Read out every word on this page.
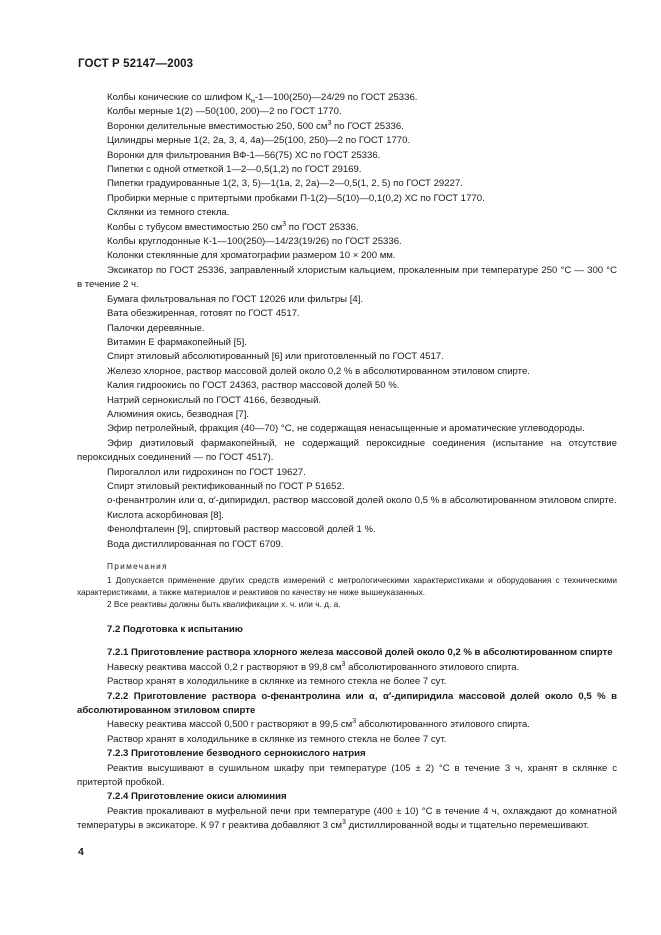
ГОСТ Р 52147—2003

Колбы конические со шлифом $К_н-1—100(250)—24/29$ по ГОСТ 25336.

Колбы мерные 1(2) —50(100, 200)—2 по ГОСТ 1770.

Воронки делительные вместимостью 250, 500 $см^3$ по ГОСТ 25336.

Цилиндры мерные 1(2, 2а, 3, 4, 4а)—25(100, 250)—2 по ГОСТ 1770.

Воронки для фильтрования ВФ-1—56(75) ХС по ГОСТ 25336.

Пипетки с одной отметкой 1—2—0,5(1,2) по ГОСТ 29169.

Пипетки градуированные 1(2, 3, 5)—1(1а, 2, 2а)—2—0,5(1, 2, 5) по ГОСТ 29227.

Пробирки мерные с притертыми пробками П-1(2)—5(10)—0,1(0,2) ХС по ГОСТ 1770.

Склянки из темного стекла.

Колбы с тубусом вместимостью 250 $см^3$ по ГОСТ 25336.

Колбы круглодонные К-1—100(250)—14/23(19/26) по ГОСТ 25336.

Колонки стеклянные для хроматографии размером 10 × 200 мм.

Эксикатор по ГОСТ 25336, заправленный хлористым кальцием, прокаленным при температуре 250 °С — 300 °С в течение 2 ч.

Бумага фильтровальная по ГОСТ 12026 или фильтры [4].

Вата обезжиренная, готовят по ГОСТ 4517.

Палочки деревянные.

Витамин Е фармакопейный [5].

Спирт этиловый абсолютированный [6] или приготовленный по ГОСТ 4517.

Железо хлорное, раствор массовой долей около 0,2 % в абсолютированном этиловом спирте.

Калия гидроокись по ГОСТ 24363, раствор массовой долей 50 %.

Натрий сернокислый по ГОСТ 4166, безводный.

Алюминия окись, безводная [7].

Эфир петролейный, фракция (40—70) °С, не содержащая ненасыщенные и ароматические углеводороды.

Эфир диэтиловый фармакопейный, не содержащий пероксидные соединения (испытание на отсутствие пероксидных соединений — по ГОСТ 4517).

Пирогаллол или гидрохинон по ГОСТ 19627.

Спирт этиловый ректификованный по ГОСТ Р 51652.

о-фенантролин или α, α′-дипиридил, раствор массовой долей около 0,5 % в абсолютированном этиловом спирте.

Кислота аскорбиновая [8].

Фенолфталеин [9], спиртовый раствор массовой долей 1 %.

Вода дистиллированная по ГОСТ 6709.

Примечания

1 Допускается применение других средств измерений с метрологическими характеристиками и оборудования с техническими характеристиками, а также материалов и реактивов по качеству не ниже вышеуказанных.

2 Все реактивы должны быть квалификации х. ч. или ч. д. а.

7.2 Подготовка к испытанию

7.2.1 Приготовление раствора хлорного железа массовой долей около 0,2 % в абсолютированном спирте

Навеску реактива массой 0,2 г растворяют в 99,8 $см^3$ абсолютированного этилового спирта.

Раствор хранят в холодильнике в склянке из темного стекла не более 7 сут.

7.2.2 Приготовление раствора о-фенантролина или α, α′-дипиридила массовой долей около 0,5 % в абсолютированном этиловом спирте

Навеску реактива массой 0,500 г растворяют в 99,5 $см^3$ абсолютированного этилового спирта.

Раствор хранят в холодильнике в склянке из темного стекла не более 7 сут.

7.2.3 Приготовление безводного сернокислого натрия

Реактив высушивают в сушильном шкафу при температуре (105 ± 2) °С в течение 3 ч, хранят в склянке с притертой пробкой.

7.2.4 Приготовление окиси алюминия

Реактив прокаливают в муфельной печи при температуре (400 ± 10) °С в течение 4 ч, охлаждают до комнатной температуры в эксикаторе. К 97 г реактива добавляют 3 $см^3$ дистиллированной воды и тщательно перемешивают.

4
